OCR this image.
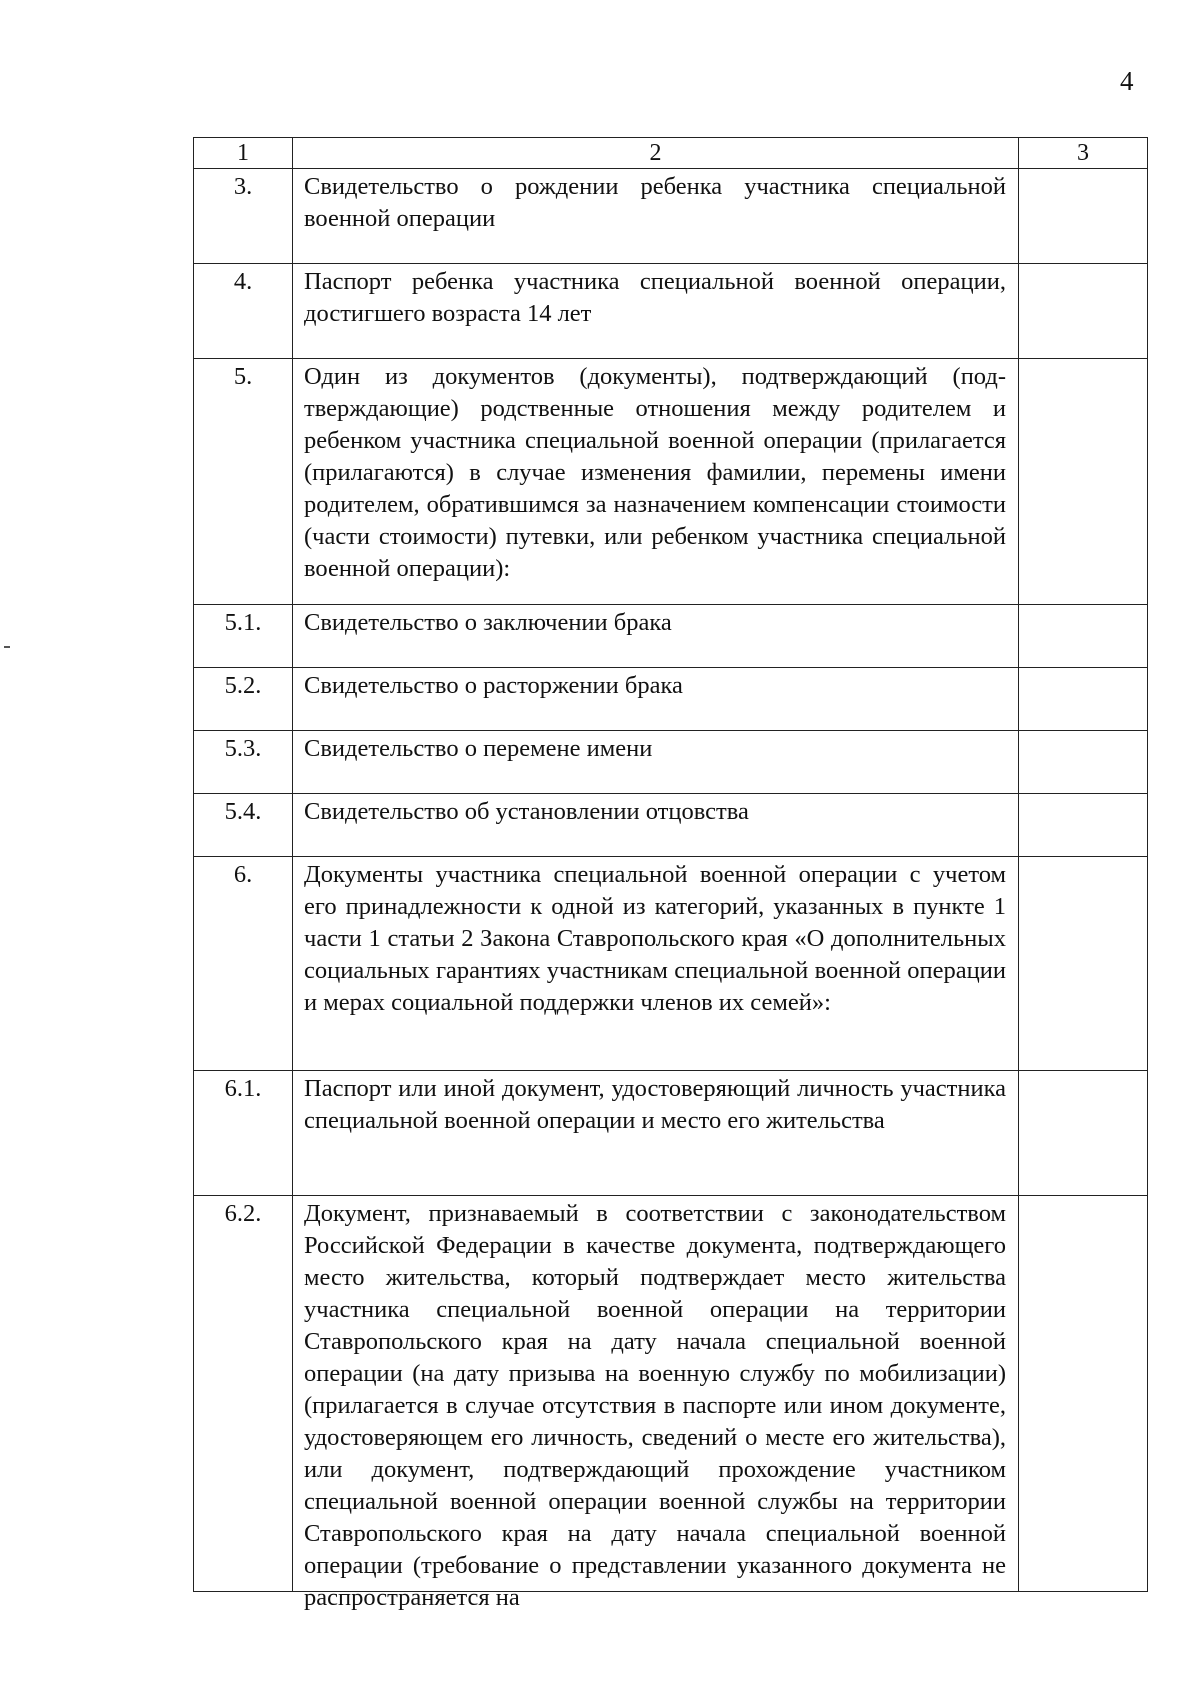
4
1	2	3
3.	Свидетельство о рождении ребенка участника специальной военной операции	
4.	Паспорт ребенка участника специальной военной операции, достигшего возраста 14 лет	
5.	Один из документов (документы), подтверждающий (подтверждающие) родственные отношения между родителем и ребенком участника специальной военной операции (прилагается (прилагаются) в случае изменения фамилии, перемены имени родителем, обратившимся за назначением компенсации стоимости (части стоимости) путевки, или ребенком участника специальной военной операции):	
5.1.	Свидетельство о заключении брака	
5.2.	Свидетельство о расторжении брака	
5.3.	Свидетельство о перемене имени	
5.4.	Свидетельство об установлении отцовства	
6.	Документы участника специальной военной операции с учетом его принадлежности к одной из категорий, указанных в пункте 1 части 1 статьи 2 Закона Ставропольского края «О дополнительных социальных гарантиях участникам специальной военной операции и мерах социальной поддержки членов их семей»:	
6.1.	Паспорт или иной документ, удостоверяющий личность участника специальной военной операции и место его жительства	
6.2.	Документ, признаваемый в соответствии с законодательством Российской Федерации в качестве документа, подтверждающего место жительства, который подтверждает место жительства участника специальной военной операции на территории Ставропольского края на дату начала специальной военной операции (на дату призыва на военную службу по мобилизации) (прилагается в случае отсутствия в паспорте или ином документе, удостоверяющем его личность, сведений о месте его жительства), или документ, подтверждающий прохождение участником специальной военной операции военной службы на территории Ставропольского края на дату начала специальной военной операции (требование о представлении указанного документа не распространяется на	
